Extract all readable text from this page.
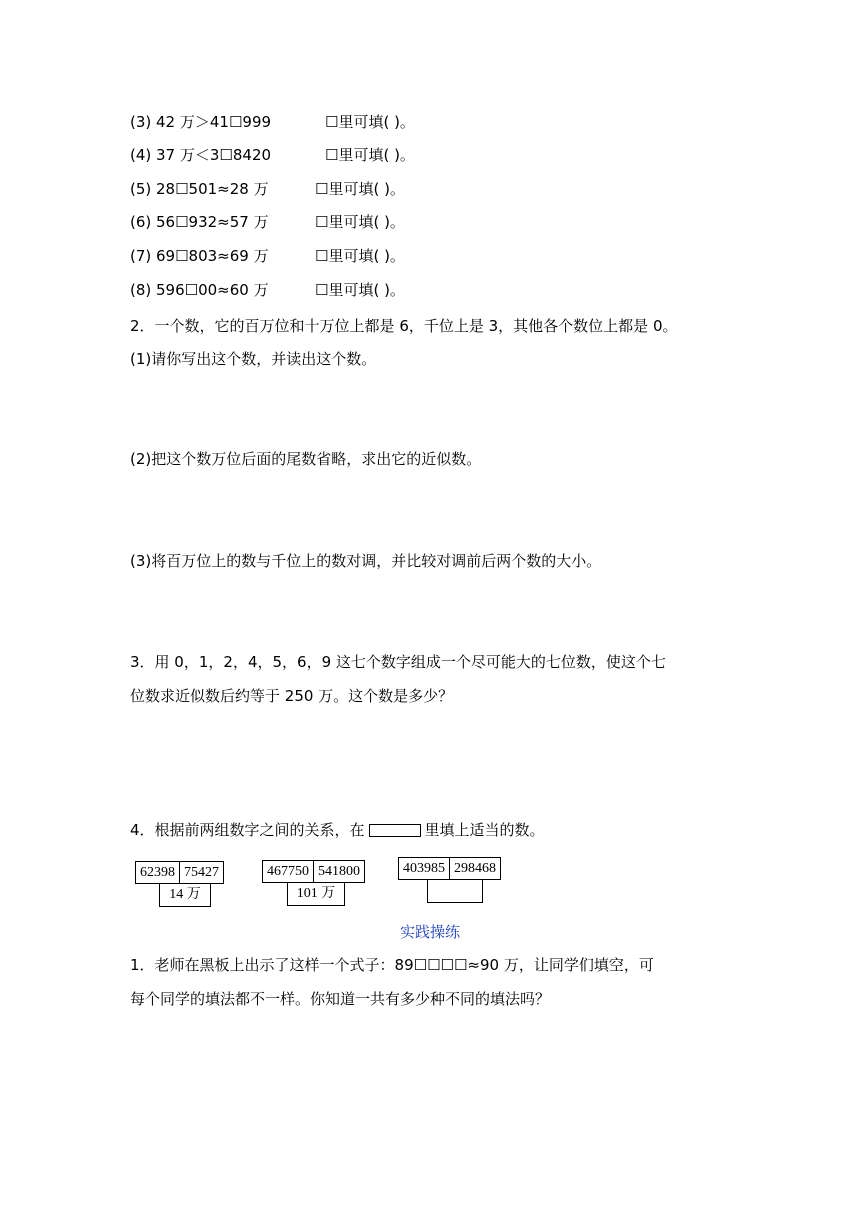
(3) 42 万＞41☐999	☐里可填( )。
(4) 37 万＜3☐8420	☐里可填( )。
(5) 28☐501≈28 万	☐里可填( )。
(6) 56☐932≈57 万	☐里可填( )。
(7) 69☐803≈69 万	☐里可填( )。
(8) 596☐00≈60 万	☐里可填( )。
2．一个数，它的百万位和十万位上都是 6，千位上是 3，其他各个数位上都是 0。
(1)请你写出这个数，并读出这个数。
(2)把这个数万位后面的尾数省略，求出它的近似数。
(3)将百万位上的数与千位上的数对调，并比较对调前后两个数的大小。
3．用 0，1，2，4，5，6，9 这七个数字组成一个尽可能大的七位数，使这个七
位数求近似数后约等于 250 万。这个数是多少？
4．根据前两组数字之间的关系，在	里填上适当的数。
62398 75427
14 万
467750 541800
101 万
403985 298468
实践操练
1．老师在黑板上出示了这样一个式子：89☐☐☐☐≈90 万，让同学们填空，可
每个同学的填法都不一样。你知道一共有多少种不同的填法吗？
